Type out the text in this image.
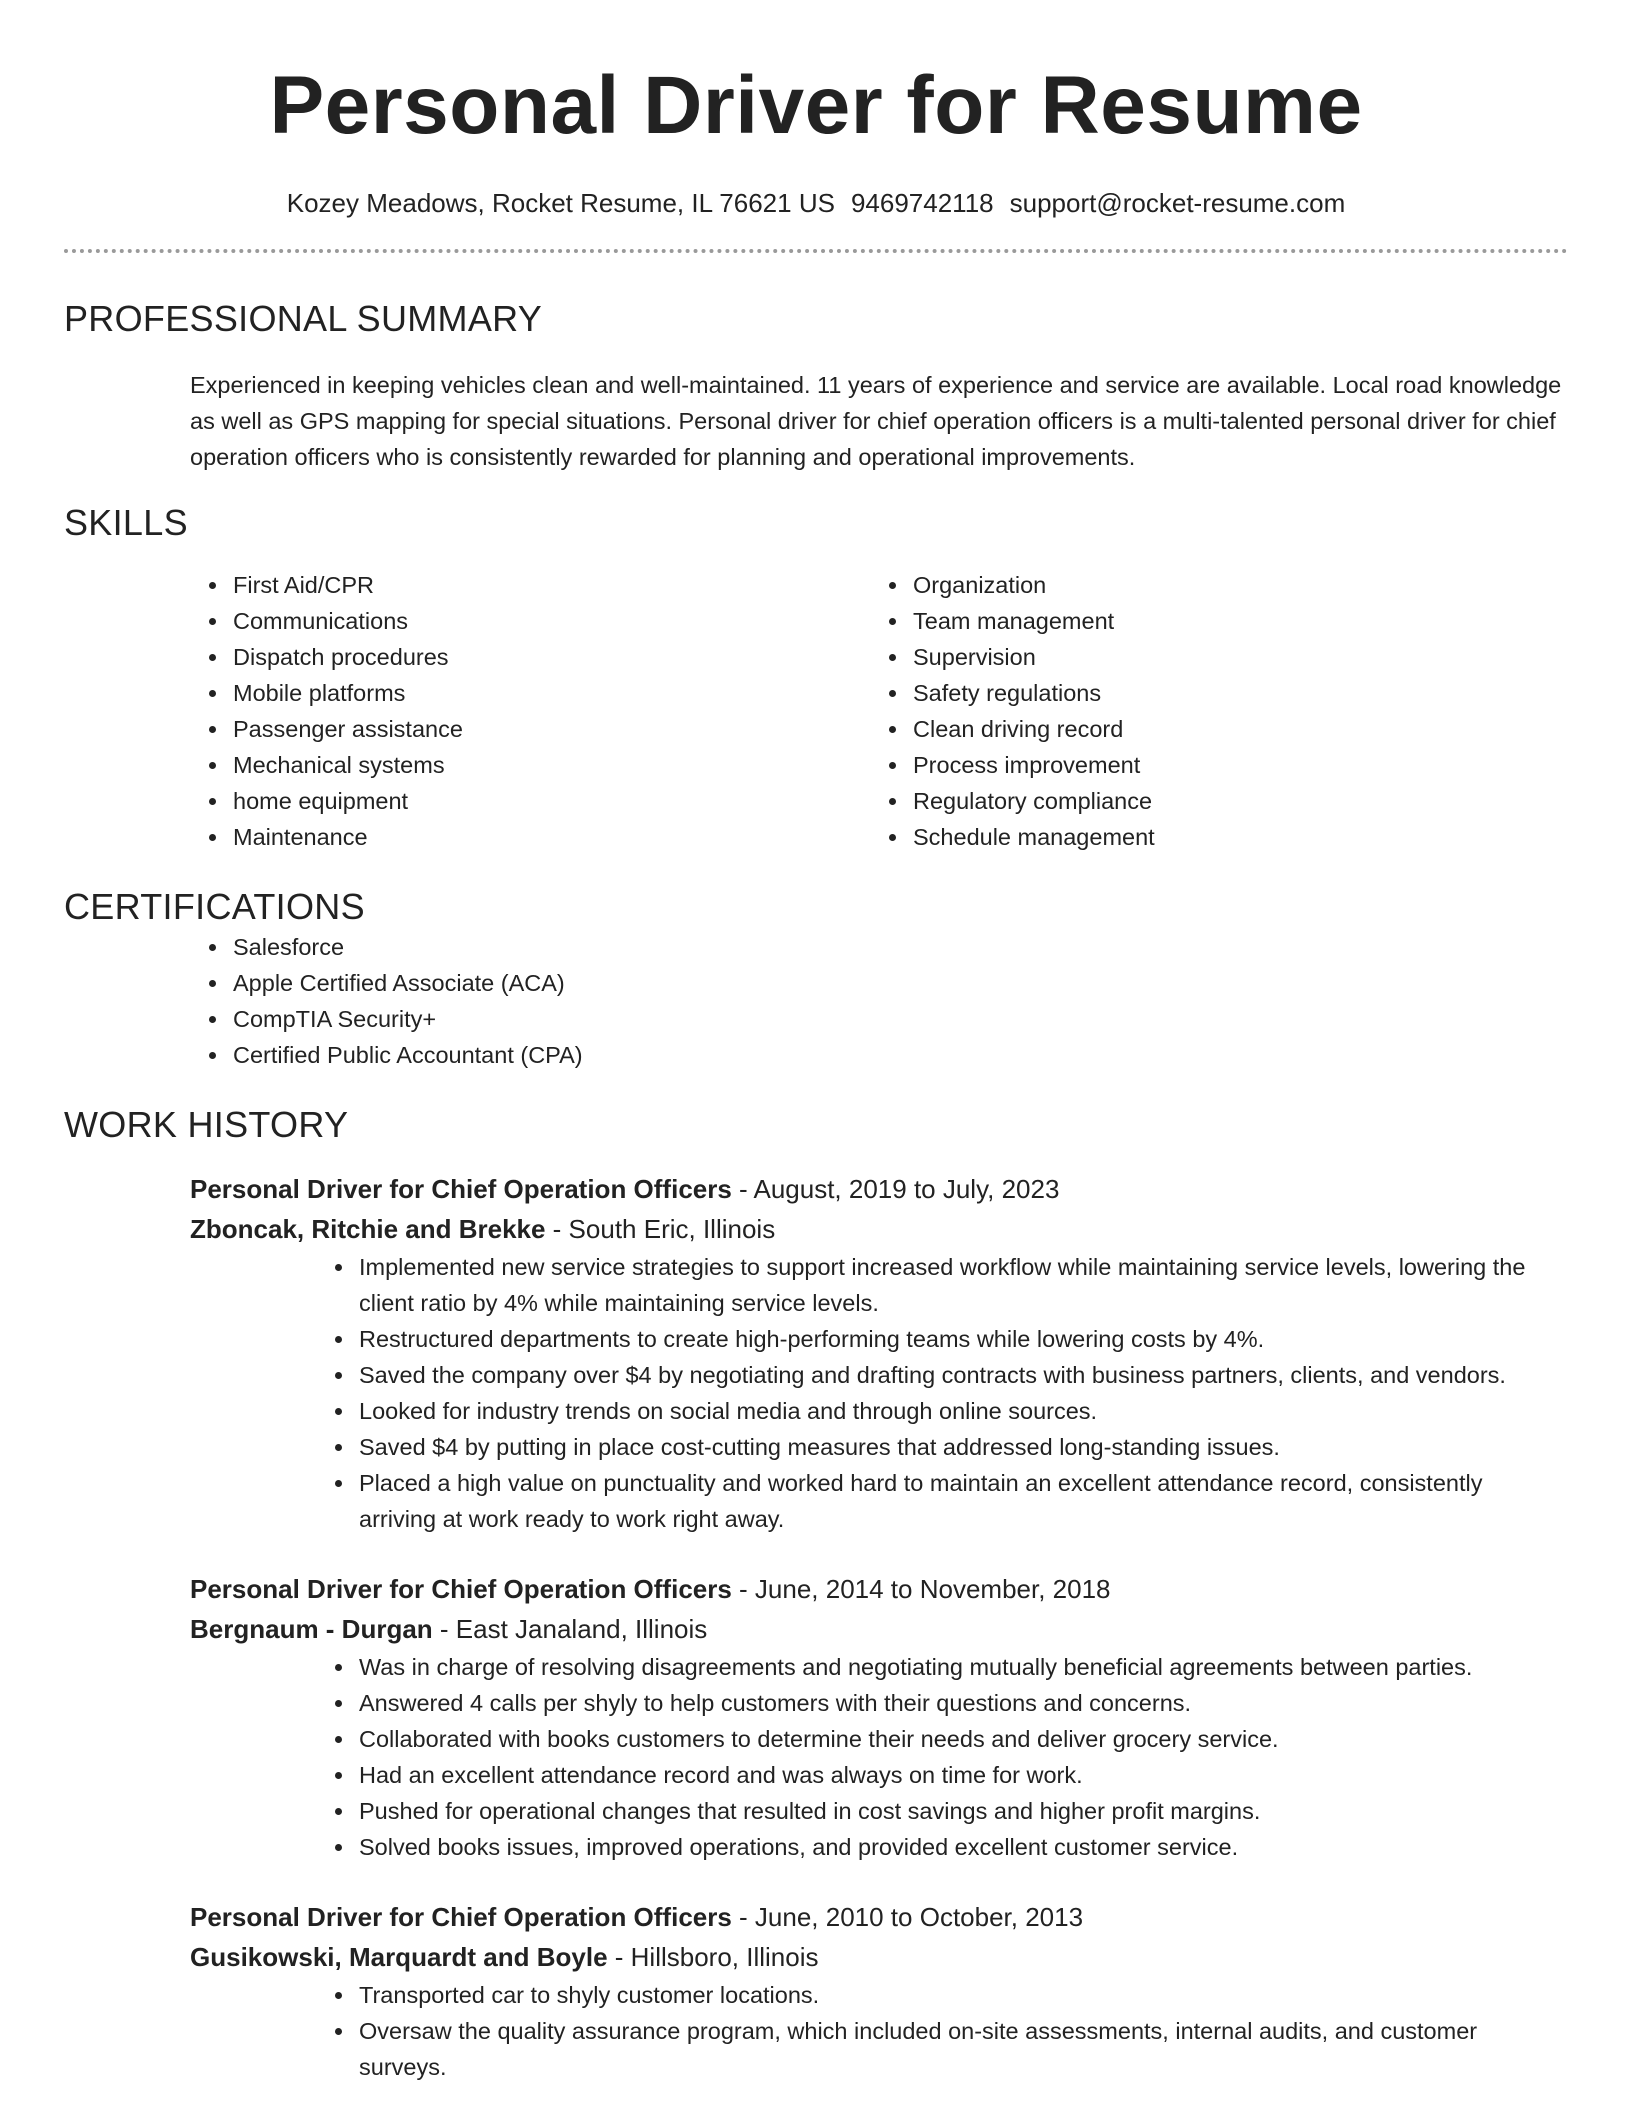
Personal Driver for Resume
Kozey Meadows, Rocket Resume, IL 76621 US 9469742118 support@rocket-resume.com
PROFESSIONAL SUMMARY

Experienced in keeping vehicles clean and well-maintained. 11 years of experience and service are available. Local road knowledge as well as GPS mapping for special situations. Personal driver for chief operation officers is a multi-talented personal driver for chief operation officers who is consistently rewarded for planning and operational improvements.

SKILLS
First Aid/CPR
Communications
Dispatch procedures
Mobile platforms
Passenger assistance
Mechanical systems
home equipment
Maintenance
Organization
Team management
Supervision
Safety regulations
Clean driving record
Process improvement
Regulatory compliance
Schedule management
CERTIFICATIONS
Salesforce
Apple Certified Associate (ACA)
CompTIA Security+
Certified Public Accountant (CPA)
WORK HISTORY
Personal Driver for Chief Operation Officers - August, 2019 to July, 2023
Zboncak, Ritchie and Brekke - South Eric, Illinois
Implemented new service strategies to support increased workflow while maintaining service levels, lowering the client ratio by 4% while maintaining service levels.
Restructured departments to create high-performing teams while lowering costs by 4%.
Saved the company over $4 by negotiating and drafting contracts with business partners, clients, and vendors.
Looked for industry trends on social media and through online sources.
Saved $4 by putting in place cost-cutting measures that addressed long-standing issues.
Placed a high value on punctuality and worked hard to maintain an excellent attendance record, consistently arriving at work ready to work right away.
Personal Driver for Chief Operation Officers - June, 2014 to November, 2018
Bergnaum - Durgan - East Janaland, Illinois
Was in charge of resolving disagreements and negotiating mutually beneficial agreements between parties.
Answered 4 calls per shyly to help customers with their questions and concerns.
Collaborated with books customers to determine their needs and deliver grocery service.
Had an excellent attendance record and was always on time for work.
Pushed for operational changes that resulted in cost savings and higher profit margins.
Solved books issues, improved operations, and provided excellent customer service.
Personal Driver for Chief Operation Officers - June, 2010 to October, 2013
Gusikowski, Marquardt and Boyle - Hillsboro, Illinois
Transported car to shyly customer locations.
Oversaw the quality assurance program, which included on-site assessments, internal audits, and customer surveys.
